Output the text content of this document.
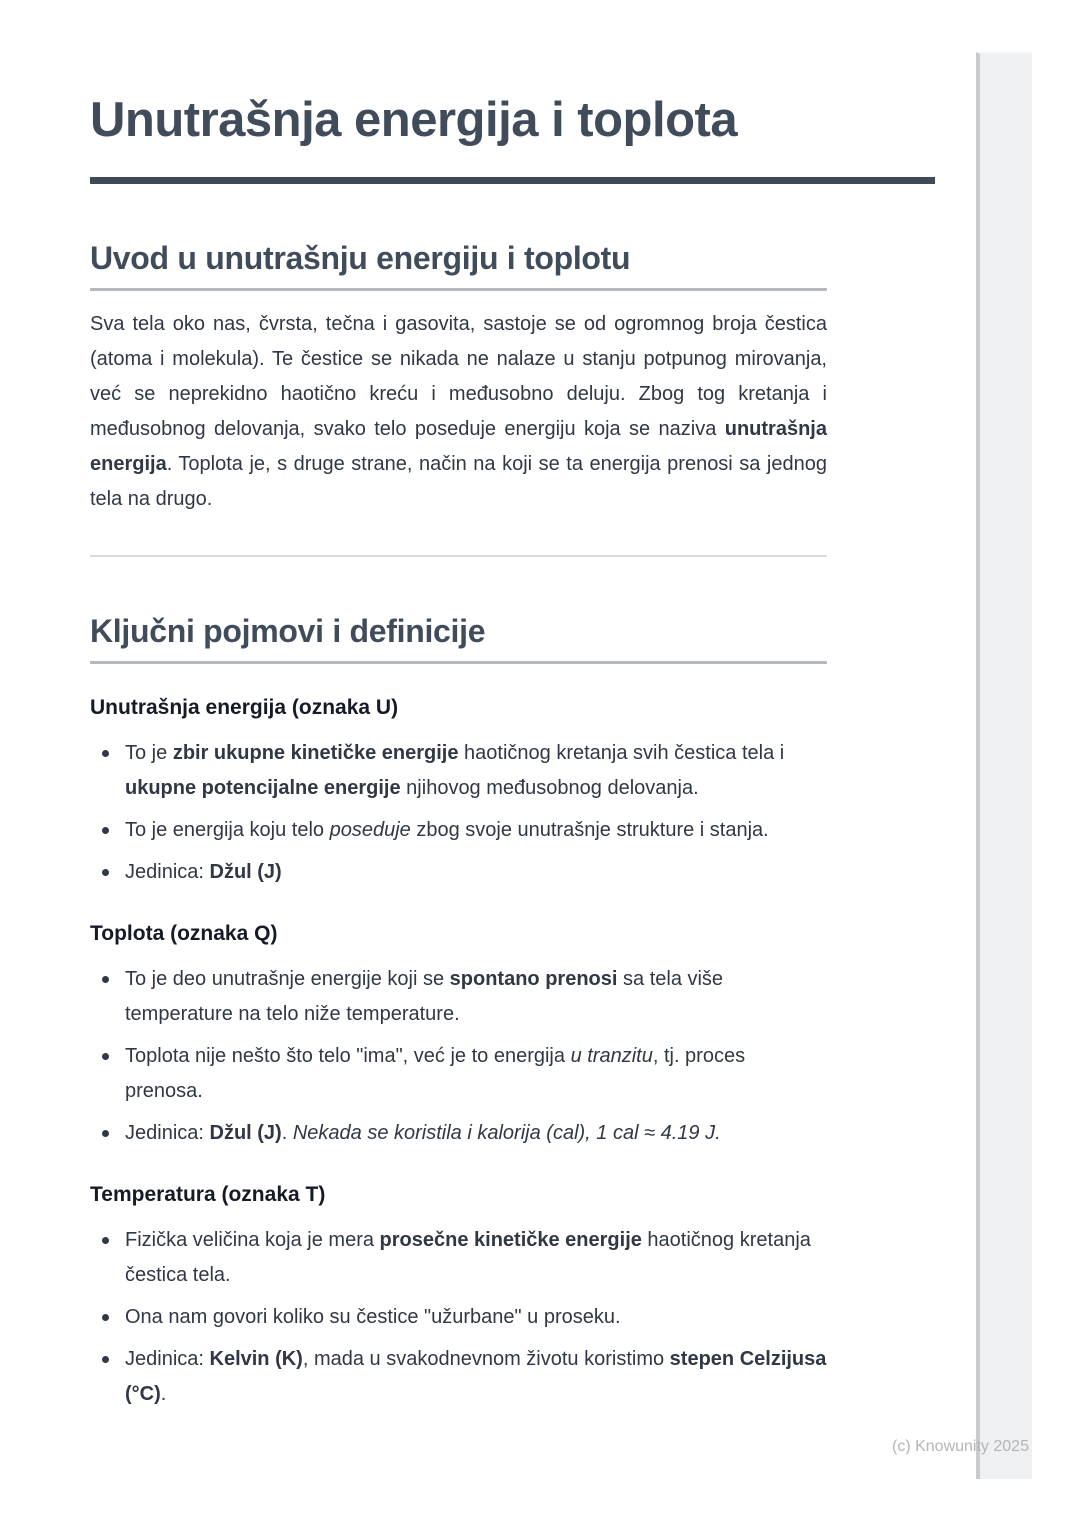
Unutrašnja energija i toplota
Uvod u unutrašnju energiju i toplotu

Sva tela oko nas, čvrsta, tečna i gasovita, sastoje se od ogromnog broja čestica (atoma i molekula). Te čestice se nikada ne nalaze u stanju potpunog mirovanja, već se neprekidno haotično kreću i međusobno deluju. Zbog tog kretanja i međusobnog delovanja, svako telo poseduje energiju koja se naziva unutrašnja energija. Toplota je, s druge strane, način na koji se ta energija prenosi sa jednog tela na drugo.

Ključni pojmovi i definicije
Unutrašnja energija (oznaka U)
To je zbir ukupne kinetičke energije haotičnog kretanja svih čestica tela i ukupne potencijalne energije njihovog međusobnog delovanja.
To je energija koju telo poseduje zbog svoje unutrašnje strukture i stanja.
Jedinica: Džul (J)
Toplota (oznaka Q)
To je deo unutrašnje energije koji se spontano prenosi sa tela više temperature na telo niže temperature.
Toplota nije nešto što telo "ima", već je to energija u tranzitu, tj. proces prenosa.
Jedinica: Džul (J). Nekada se koristila i kalorija (cal), 1 cal ≈ 4.19 J.
Temperatura (oznaka T)
Fizička veličina koja je mera prosečne kinetičke energije haotičnog kretanja čestica tela.
Ona nam govori koliko su čestice "užurbane" u proseku.
Jedinica: Kelvin (K), mada u svakodnevnom životu koristimo stepen Celzijusa (°C).
(c) Knowunity 2025
